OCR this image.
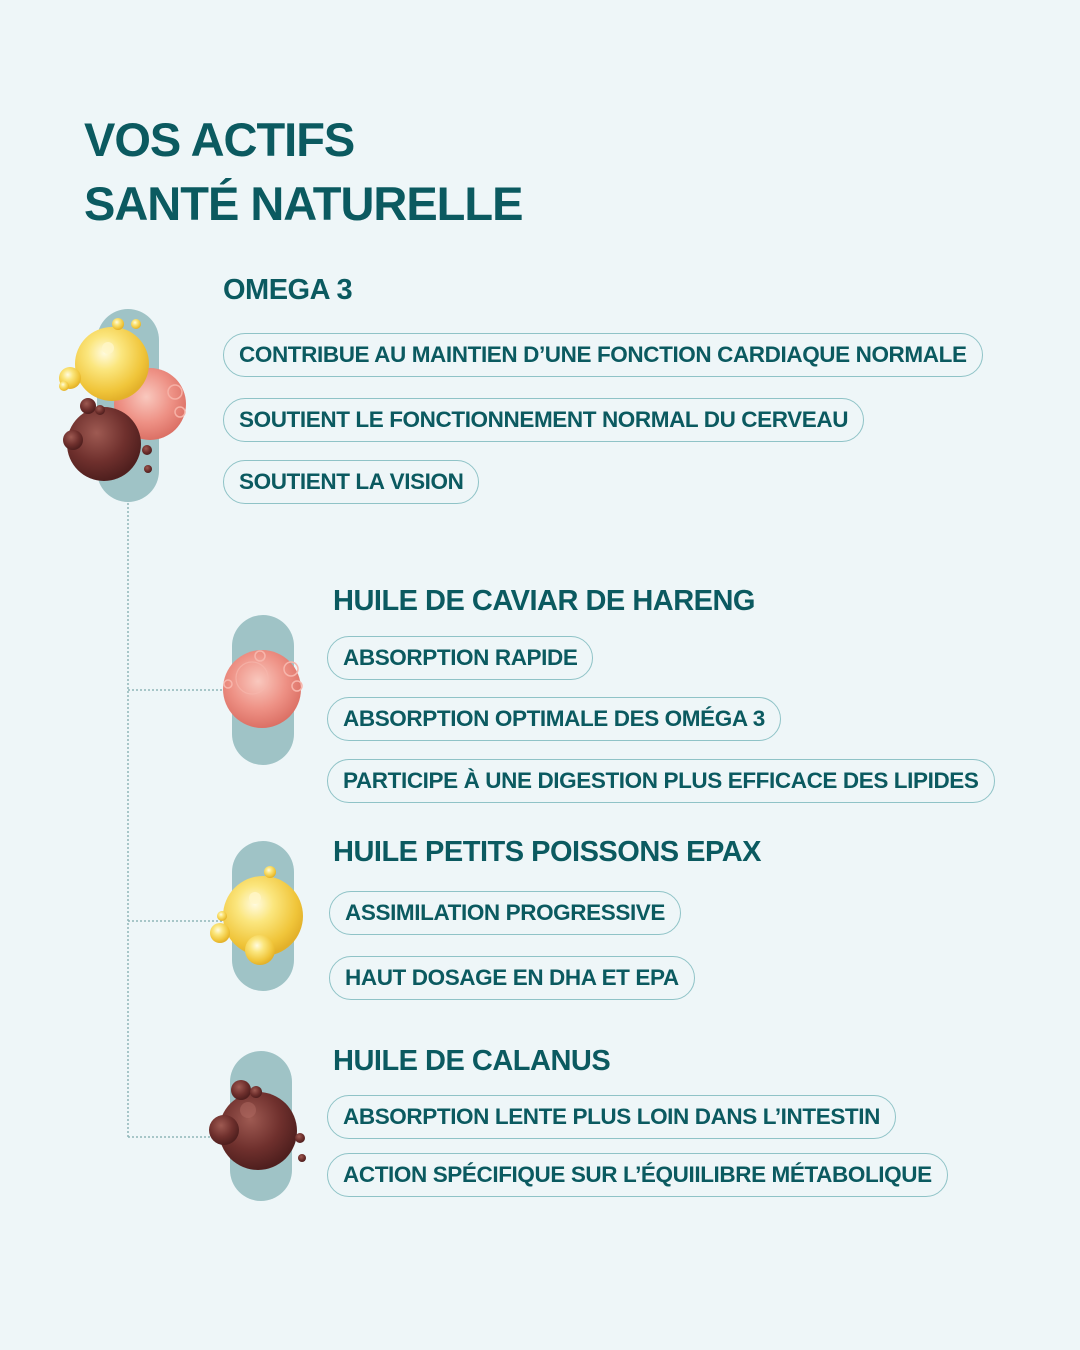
VOS ACTIFS
SANTÉ NATURELLE
OMEGA 3
CONTRIBUE AU MAINTIEN D’UNE FONCTION CARDIAQUE NORMALE
SOUTIENT LE FONCTIONNEMENT NORMAL DU CERVEAU
SOUTIENT LA VISION
HUILE DE CAVIAR DE HARENG
ABSORPTION RAPIDE
ABSORPTION OPTIMALE DES OMÉGA 3
PARTICIPE À UNE DIGESTION PLUS EFFICACE DES LIPIDES
HUILE PETITS POISSONS EPAX
ASSIMILATION PROGRESSIVE
HAUT DOSAGE EN DHA ET EPA
HUILE DE CALANUS
ABSORPTION LENTE PLUS LOIN DANS L’INTESTIN
ACTION SPÉCIFIQUE SUR L’ÉQUIILIBRE MÉTABOLIQUE
